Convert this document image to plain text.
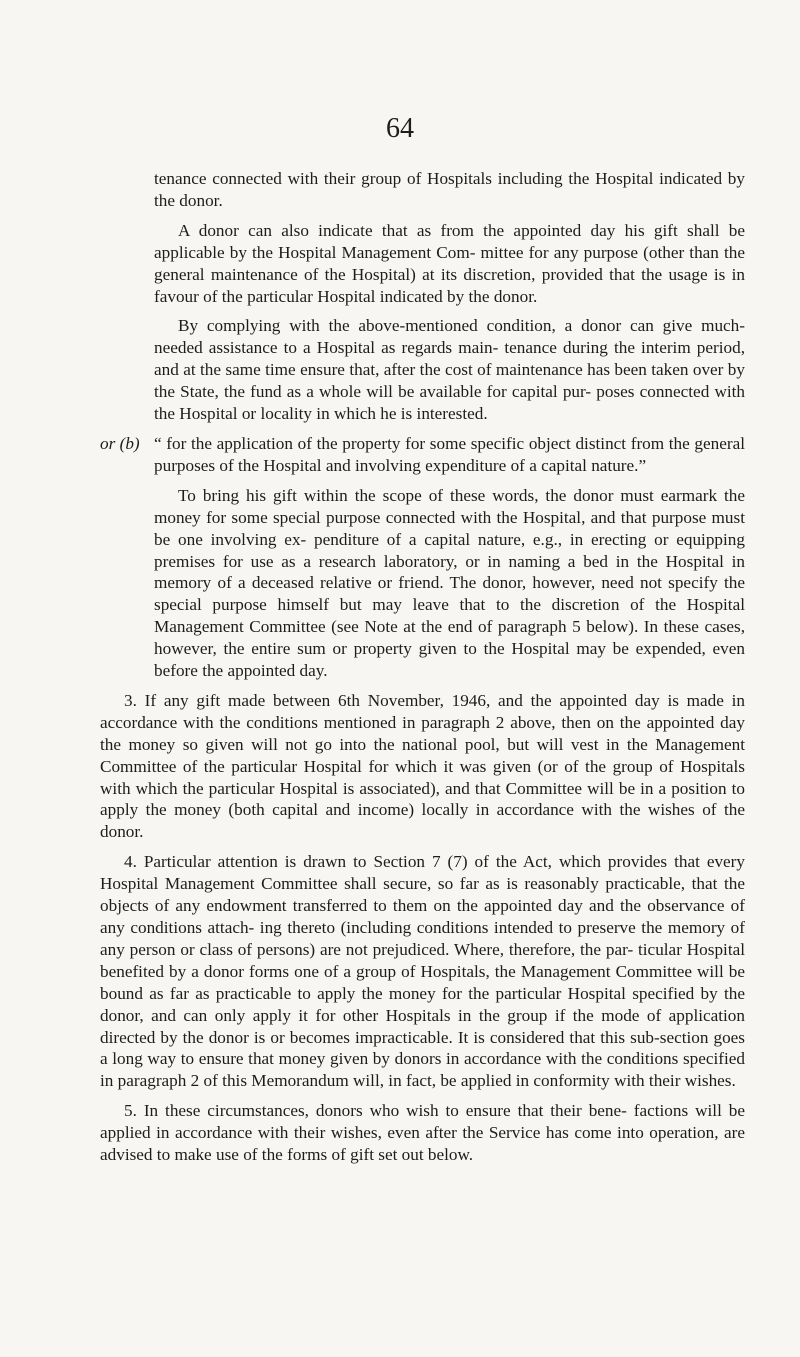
64

tenance connected with their group of Hospitals including the Hospital indicated by the donor.

A donor can also indicate that as from the appointed day his gift shall be applicable by the Hospital Management Com- mittee for any purpose (other than the general maintenance of the Hospital) at its discretion, provided that the usage is in favour of the particular Hospital indicated by the donor.

By complying with the above-mentioned condition, a donor can give much-needed assistance to a Hospital as regards main- tenance during the interim period, and at the same time ensure that, after the cost of maintenance has been taken over by the State, the fund as a whole will be available for capital pur- poses connected with the Hospital or locality in which he is interested.

or (b) “ for the application of the property for some specific object distinct from the general purposes of the Hospital and involving expenditure of a capital nature.”

To bring his gift within the scope of these words, the donor must earmark the money for some special purpose connected with the Hospital, and that purpose must be one involving ex- penditure of a capital nature, e.g., in erecting or equipping premises for use as a research laboratory, or in naming a bed in the Hospital in memory of a deceased relative or friend. The donor, however, need not specify the special purpose himself but may leave that to the discretion of the Hospital Management Committee (see Note at the end of paragraph 5 below). In these cases, however, the entire sum or property given to the Hospital may be expended, even before the appointed day.

3. If any gift made between 6th November, 1946, and the appointed day is made in accordance with the conditions mentioned in paragraph 2 above, then on the appointed day the money so given will not go into the national pool, but will vest in the Management Committee of the particular Hospital for which it was given (or of the group of Hospitals with which the particular Hospital is associated), and that Committee will be in a position to apply the money (both capital and income) locally in accordance with the wishes of the donor.

4. Particular attention is drawn to Section 7 (7) of the Act, which provides that every Hospital Management Committee shall secure, so far as is reasonably practicable, that the objects of any endowment transferred to them on the appointed day and the observance of any conditions attach- ing thereto (including conditions intended to preserve the memory of any person or class of persons) are not prejudiced. Where, therefore, the par- ticular Hospital benefited by a donor forms one of a group of Hospitals, the Management Committee will be bound as far as practicable to apply the money for the particular Hospital specified by the donor, and can only apply it for other Hospitals in the group if the mode of application directed by the donor is or becomes impracticable. It is considered that this sub-section goes a long way to ensure that money given by donors in accordance with the conditions specified in paragraph 2 of this Memorandum will, in fact, be applied in conformity with their wishes.

5. In these circumstances, donors who wish to ensure that their bene- factions will be applied in accordance with their wishes, even after the Service has come into operation, are advised to make use of the forms of gift set out below.
